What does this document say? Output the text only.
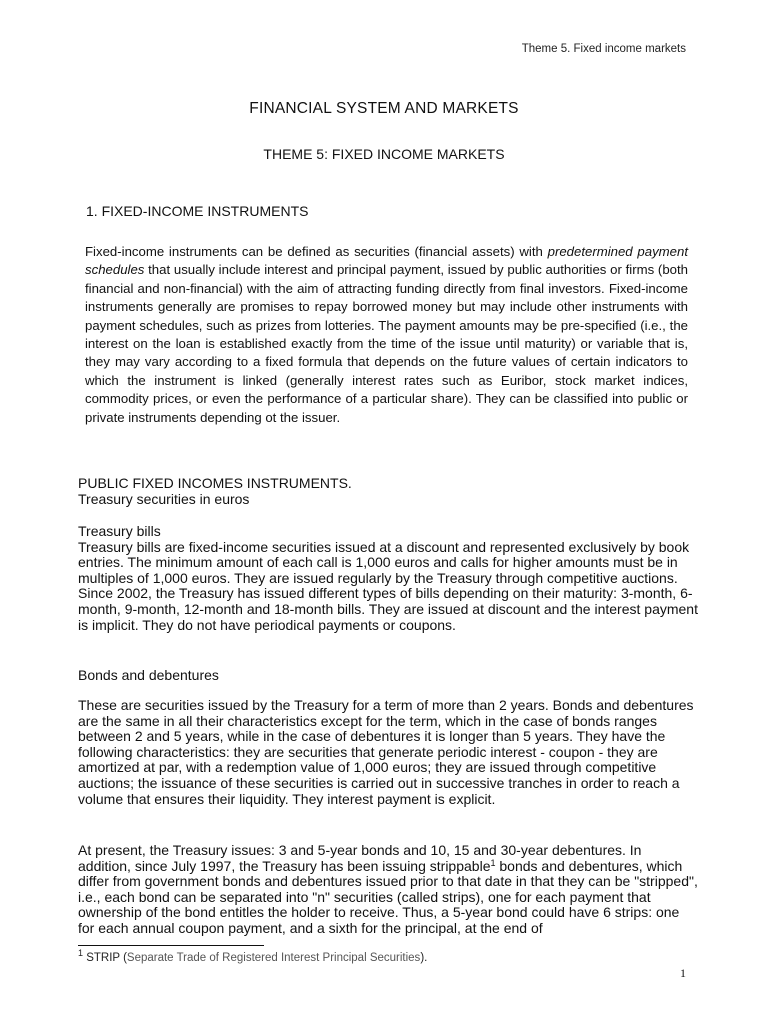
Theme 5. Fixed income markets
FINANCIAL SYSTEM AND MARKETS
THEME 5: FIXED INCOME MARKETS
1. FIXED-INCOME INSTRUMENTS

Fixed-income instruments can be defined as securities (financial assets) with predetermined payment schedules that usually include interest and principal payment, issued by public authorities or firms (both financial and non-financial) with the aim of attracting funding directly from final investors. Fixed-income instruments generally are promises to repay borrowed money but may include other instruments with payment schedules, such as prizes from lotteries. The payment amounts may be pre-specified (i.e., the interest on the loan is established exactly from the time of the issue until maturity) or variable that is, they may vary according to a fixed formula that depends on the future values of certain indicators to which the instrument is linked (generally interest rates such as Euribor, stock market indices, commodity prices, or even the performance of a particular share). They can be classified into public or private instruments depending ot the issuer.

PUBLIC FIXED INCOMES INSTRUMENTS.

Treasury securities in euros

Treasury bills

Treasury bills are fixed-income securities issued at a discount and represented exclusively by book entries. The minimum amount of each call is 1,000 euros and calls for higher amounts must be in multiples of 1,000 euros. They are issued regularly by the Treasury through competitive auctions. Since 2002, the Treasury has issued different types of bills depending on their maturity: 3-month, 6-month, 9-month, 12-month and 18-month bills. They are issued at discount and the interest payment is implicit. They do not have periodical payments or coupons.

Bonds and debentures

These are securities issued by the Treasury for a term of more than 2 years. Bonds and debentures are the same in all their characteristics except for the term, which in the case of bonds ranges between 2 and 5 years, while in the case of debentures it is longer than 5 years. They have the following characteristics: they are securities that generate periodic interest - coupon - they are amortized at par, with a redemption value of 1,000 euros; they are issued through competitive auctions; the issuance of these securities is carried out in successive tranches in order to reach a volume that ensures their liquidity. They interest payment is explicit.

At present, the Treasury issues: 3 and 5-year bonds and 10, 15 and 30-year debentures. In addition, since July 1997, the Treasury has been issuing strippable$^1$ bonds and debentures, which differ from government bonds and debentures issued prior to that date in that they can be "stripped", i.e., each bond can be separated into "n" securities (called strips), one for each payment that ownership of the bond entitles the holder to receive. Thus, a 5-year bond could have 6 strips: one for each annual coupon payment, and a sixth for the principal, at the end of

$^1$ STRIP (Separate Trade of Registered Interest Principal Securities).
1
